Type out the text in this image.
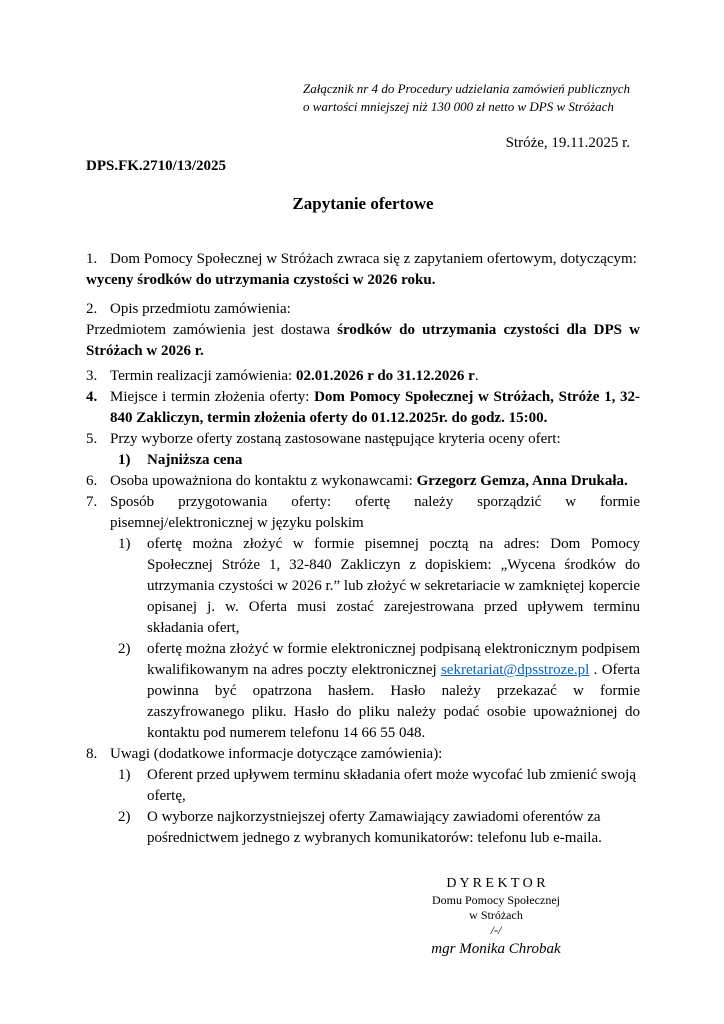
Załącznik nr 4 do Procedury udzielania zamówień publicznych
o wartości mniejszej niż 130 000 zł netto w DPS w Stróżach
Stróże, 19.11.2025 r.
DPS.FK.2710/13/2025
Zapytanie ofertowe
1. Dom Pomocy Społecznej w Stróżach zwraca się z zapytaniem ofertowym, dotyczącym:
wyceny środków do utrzymania czystości w 2026 roku.
2. Opis przedmiotu zamówienia:
Przedmiotem zamówienia jest dostawa środków do utrzymania czystości dla DPS w Stróżach w 2026 r.
3. Termin realizacji zamówienia: 02.01.2026 r do 31.12.2026 r.
4. Miejsce i termin złożenia oferty: Dom Pomocy Społecznej w Stróżach, Stróże 1, 32-840 Zakliczyn, termin złożenia oferty do 01.12.2025r. do godz. 15:00.
5. Przy wyborze oferty zostaną zastosowane następujące kryteria oceny ofert:
1)	Najniższa cena
6. Osoba upoważniona do kontaktu z wykonawcami: Grzegorz Gemza, Anna Drukała.
7. Sposób przygotowania oferty: ofertę należy sporządzić w formie pisemnej/elektronicznej w języku polskim
1)	ofertę można złożyć w formie pisemnej pocztą na adres: Dom Pomocy Społecznej Stróże 1, 32-840 Zakliczyn z dopiskiem: „Wycena środków do utrzymania czystości w 2026 r.” lub złożyć w sekretariacie w zamkniętej kopercie opisanej j. w. Oferta musi zostać zarejestrowana przed upływem terminu składania ofert,
2)	ofertę można złożyć w formie elektronicznej podpisaną elektronicznym podpisem kwalifikowanym na adres poczty elektronicznej sekretariat@dpsstroze.pl . Oferta powinna być opatrzona hasłem. Hasło należy przekazać w formie zaszyfrowanego pliku. Hasło do pliku należy podać osobie upoważnionej do kontaktu pod numerem telefonu 14 66 55 048.
8. Uwagi (dodatkowe informacje dotyczące zamówienia):
1)	Oferent przed upływem terminu składania ofert może wycofać lub zmienić swoją ofertę,
2)	O wyborze najkorzystniejszej oferty Zamawiający zawiadomi oferentów za pośrednictwem jednego z wybranych komunikatorów: telefonu lub e-maila.
D Y R E K T O R
Domu Pomocy Społecznej
w Stróżach
/-/
mgr Monika Chrobak
